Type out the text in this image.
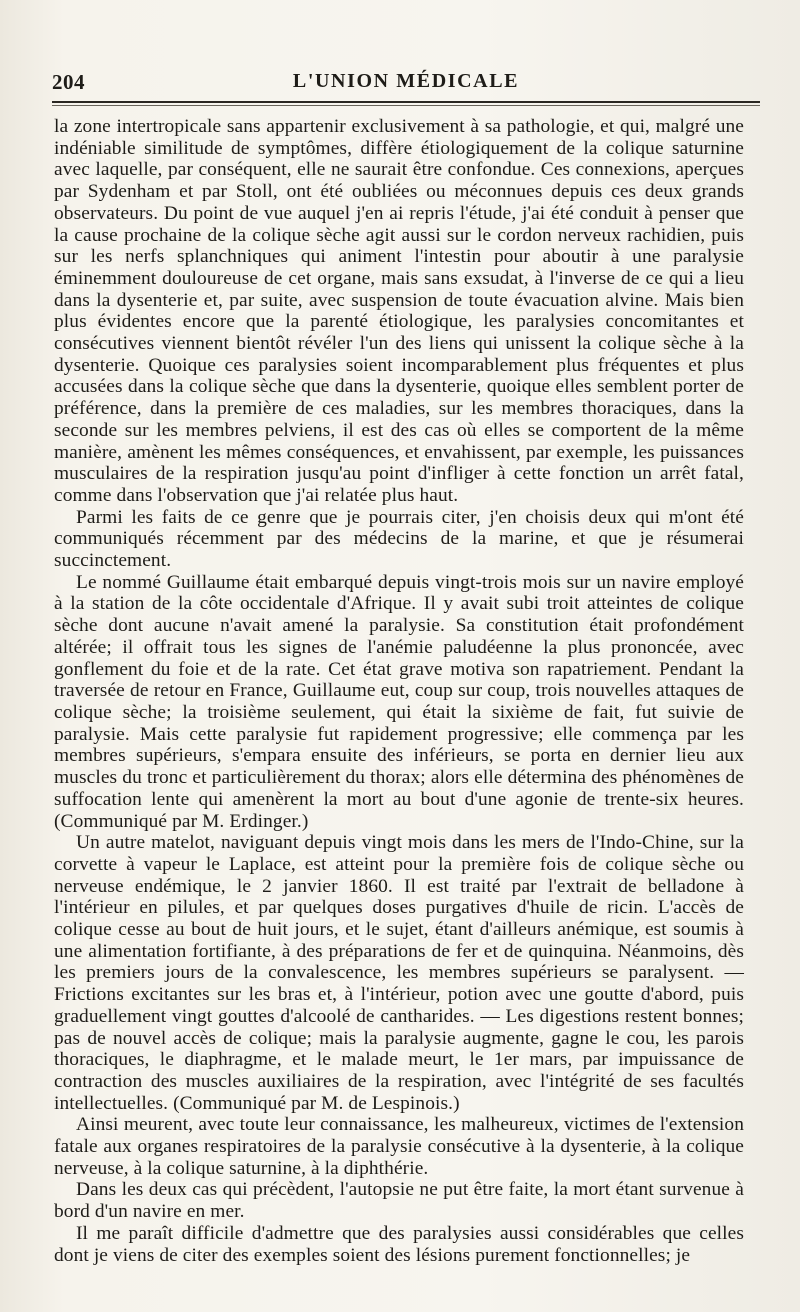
204	L'UNION MÉDICALE

la zone intertropicale sans appartenir exclusivement à sa pathologie, et qui, malgré une indéniable similitude de symptômes, diffère étiologiquement de la colique saturnine avec laquelle, par conséquent, elle ne saurait être confondue. Ces connexions, aperçues par Sydenham et par Stoll, ont été oubliées ou méconnues depuis ces deux grands observateurs. Du point de vue auquel j'en ai repris l'étude, j'ai été conduit à penser que la cause prochaine de la colique sèche agit aussi sur le cordon nerveux rachidien, puis sur les nerfs splanchniques qui animent l'intestin pour aboutir à une paralysie éminemment douloureuse de cet organe, mais sans exsudat, à l'inverse de ce qui a lieu dans la dysenterie et, par suite, avec suspension de toute évacuation alvine. Mais bien plus évidentes encore que la parenté étiologique, les paralysies concomitantes et consécutives viennent bientôt révéler l'un des liens qui unissent la colique sèche à la dysenterie. Quoique ces paralysies soient incomparablement plus fréquentes et plus accusées dans la colique sèche que dans la dysenterie, quoique elles semblent porter de préférence, dans la première de ces maladies, sur les membres thoraciques, dans la seconde sur les membres pelviens, il est des cas où elles se comportent de la même manière, amènent les mêmes conséquences, et envahissent, par exemple, les puissances musculaires de la respiration jusqu'au point d'infliger à cette fonction un arrêt fatal, comme dans l'observation que j'ai relatée plus haut.

Parmi les faits de ce genre que je pourrais citer, j'en choisis deux qui m'ont été communiqués récemment par des médecins de la marine, et que je résumerai succinctement.

Le nommé Guillaume était embarqué depuis vingt-trois mois sur un navire employé à la station de la côte occidentale d'Afrique. Il y avait subi troit atteintes de colique sèche dont aucune n'avait amené la paralysie. Sa constitution était profondément altérée; il offrait tous les signes de l'anémie paludéenne la plus prononcée, avec gonflement du foie et de la rate. Cet état grave motiva son rapatriement. Pendant la traversée de retour en France, Guillaume eut, coup sur coup, trois nouvelles attaques de colique sèche; la troisième seulement, qui était la sixième de fait, fut suivie de paralysie. Mais cette paralysie fut rapidement progressive; elle commença par les membres supérieurs, s'empara ensuite des inférieurs, se porta en dernier lieu aux muscles du tronc et particulièrement du thorax; alors elle détermina des phénomènes de suffocation lente qui amenèrent la mort au bout d'une agonie de trente-six heures. (Communiqué par M. Erdinger.)

Un autre matelot, naviguant depuis vingt mois dans les mers de l'Indo-Chine, sur la corvette à vapeur le Laplace, est atteint pour la première fois de colique sèche ou nerveuse endémique, le 2 janvier 1860. Il est traité par l'extrait de belladone à l'intérieur en pilules, et par quelques doses purgatives d'huile de ricin. L'accès de colique cesse au bout de huit jours, et le sujet, étant d'ailleurs anémique, est soumis à une alimentation fortifiante, à des préparations de fer et de quinquina. Néanmoins, dès les premiers jours de la convalescence, les membres supérieurs se paralysent. — Frictions excitantes sur les bras et, à l'intérieur, potion avec une goutte d'abord, puis graduellement vingt gouttes d'alcoolé de cantharides. — Les digestions restent bonnes; pas de nouvel accès de colique; mais la paralysie augmente, gagne le cou, les parois thoraciques, le diaphragme, et le malade meurt, le 1er mars, par impuissance de contraction des muscles auxiliaires de la respiration, avec l'intégrité de ses facultés intellectuelles. (Communiqué par M. de Lespinois.)

Ainsi meurent, avec toute leur connaissance, les malheureux, victimes de l'extension fatale aux organes respiratoires de la paralysie consécutive à la dysenterie, à la colique nerveuse, à la colique saturnine, à la diphthérie.

Dans les deux cas qui précèdent, l'autopsie ne put être faite, la mort étant survenue à bord d'un navire en mer.

Il me paraît difficile d'admettre que des paralysies aussi considérables que celles dont je viens de citer des exemples soient des lésions purement fonctionnelles; je
